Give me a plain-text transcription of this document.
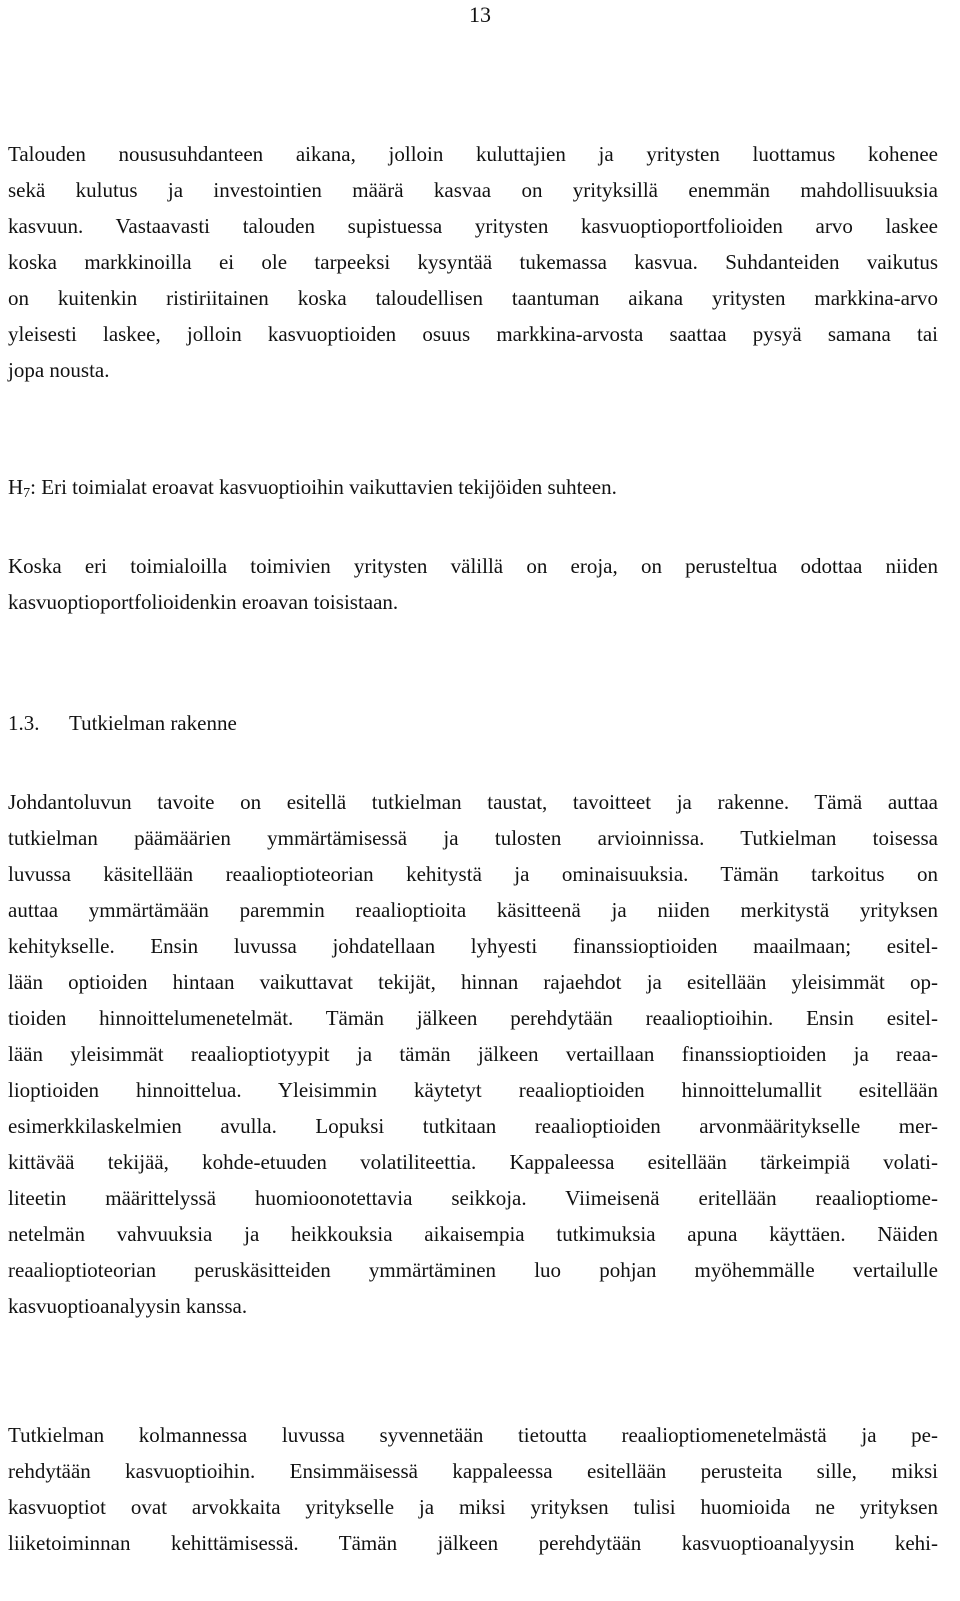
13

Talouden noususuhdanteen aikana, jolloin kuluttajien ja yritysten luottamus kohenee
sekä kulutus ja investointien määrä kasvaa on yrityksillä enemmän mahdollisuuksia
kasvuun. Vastaavasti talouden supistuessa yritysten kasvuoptioportfolioiden arvo laskee
koska markkinoilla ei ole tarpeeksi kysyntää tukemassa kasvua. Suhdanteiden vaikutus
on kuitenkin ristiriitainen koska taloudellisen taantuman aikana yritysten markkina-arvo
yleisesti laskee, jolloin kasvuoptioiden osuus markkina-arvosta saattaa pysyä samana tai
jopa nousta.

$H_7$: Eri toimialat eroavat kasvuoptioihin vaikuttavien tekijöiden suhteen.

Koska eri toimialoilla toimivien yritysten välillä on eroja, on perusteltua odottaa niiden
kasvuoptioportfolioidenkin eroavan toisistaan.

1.3. Tutkielman rakenne

Johdantoluvun tavoite on esitellä tutkielman taustat, tavoitteet ja rakenne. Tämä auttaa
tutkielman päämäärien ymmärtämisessä ja tulosten arvioinnissa. Tutkielman toisessa
luvussa käsitellään reaalioptioteorian kehitystä ja ominaisuuksia. Tämän tarkoitus on
auttaa ymmärtämään paremmin reaalioptioita käsitteenä ja niiden merkitystä yrityksen
kehitykselle. Ensin luvussa johdatellaan lyhyesti finanssioptioiden maailmaan; esitel-
lään optioiden hintaan vaikuttavat tekijät, hinnan rajaehdot ja esitellään yleisimmät op-
tioiden hinnoittelumenetelmät. Tämän jälkeen perehdytään reaalioptioihin. Ensin esitel-
lään yleisimmät reaalioptiotyypit ja tämän jälkeen vertaillaan finanssioptioiden ja reaa-
lioptioiden hinnoittelua. Yleisimmin käytetyt reaalioptioiden hinnoittelumallit esitellään
esimerkkilaskelmien avulla. Lopuksi tutkitaan reaalioptioiden arvonmääritykselle mer-
kittävää tekijää, kohde-etuuden volatiliteettia. Kappaleessa esitellään tärkeimpiä volati-
liteetin määrittelyssä huomioonotettavia seikkoja. Viimeisenä eritellään reaalioptiome-
netelmän vahvuuksia ja heikkouksia aikaisempia tutkimuksia apuna käyttäen. Näiden
reaalioptioteorian peruskäsitteiden ymmärtäminen luo pohjan myöhemmälle vertailulle
kasvuoptioanalyysin kanssa.

Tutkielman kolmannessa luvussa syvennetään tietoutta reaalioptiomenetelmästä ja pe-
rehdytään kasvuoptioihin. Ensimmäisessä kappaleessa esitellään perusteita sille, miksi
kasvuoptiot ovat arvokkaita yritykselle ja miksi yrityksen tulisi huomioida ne yrityksen
liiketoiminnan kehittämisessä. Tämän jälkeen perehdytään kasvuoptioanalyysin kehi-
